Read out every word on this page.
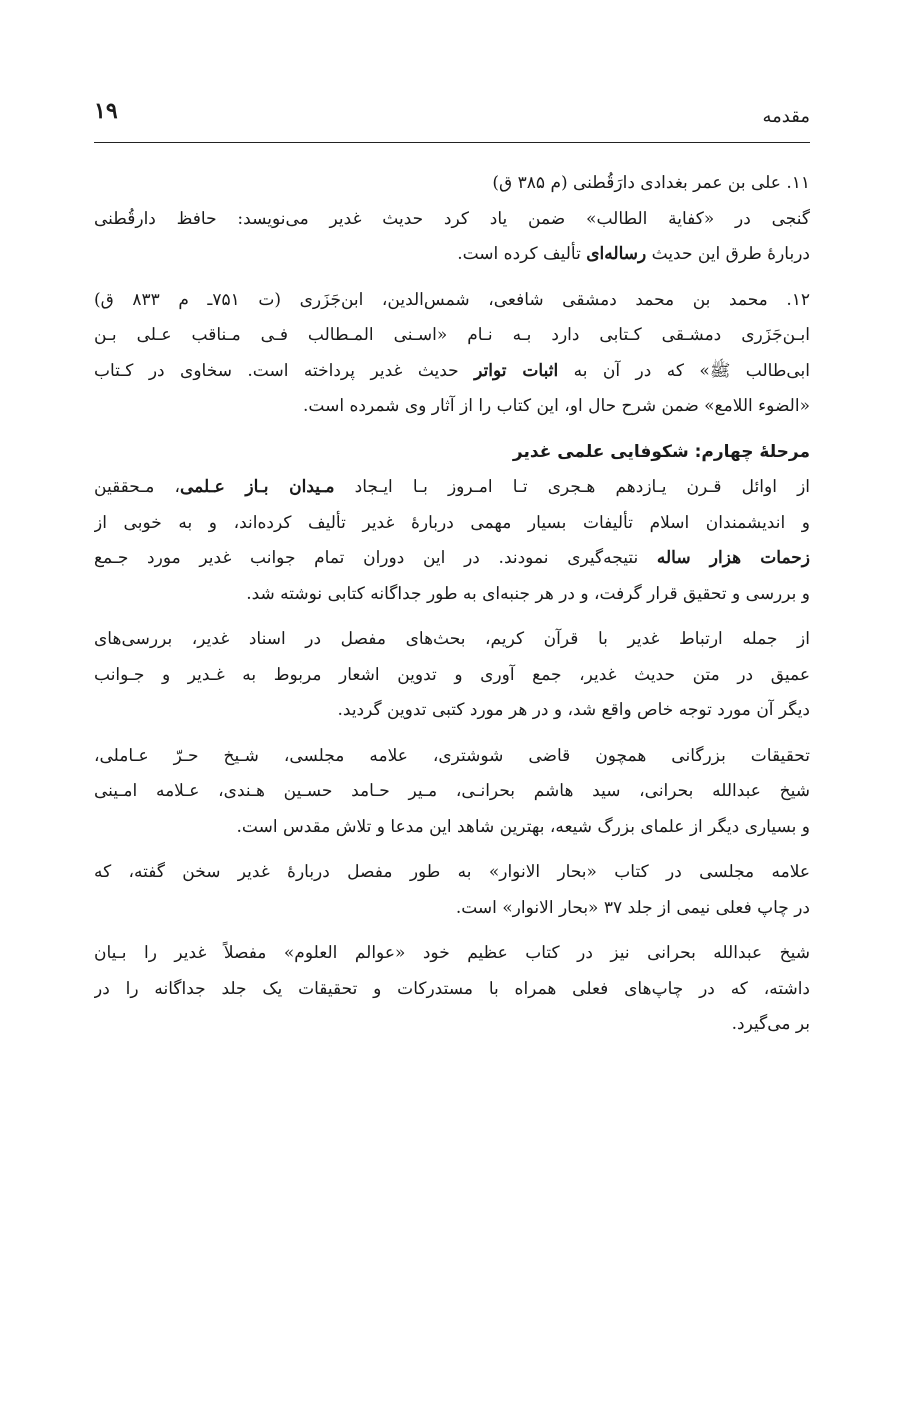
مقدمه
۱۹
۱۱. علی بن عمر بغدادی دارَقُطنی (م ۳۸۵ ق)
گنجی در «کفایة الطالب» ضمن یاد کرد حدیث غدیر می‌نویسد: حافظ دارقُطنی
دربارۀ طرق این حدیث رساله‌ای تألیف کرده است.
۱۲. محمد بن محمد دمشقی شافعی، شمس‌الدین، ابن‌جَزَری (ت ۷۵۱ـ م ۸۳۳ ق)
ابـن‌جَزَری دمشـقی کـتابی دارد بـه نـام «اسـنی المـطالب فـی مـناقب عـلی بـن
ابی‌طالب ﷺ» که در آن به اثبات تواتر حدیث غدیر پرداخته است. سخاوی در کـتاب
«الضوء اللامع» ضمن شرح حال او، این کتاب را از آثار وی شمرده است.
مرحلۀ چهارم: شکوفایی علمی غدیر
از اوائل قـرن یـازدهم هـجری تـا امـروز بـا ایـجاد مـیدان بـاز عـلمی، مـحققین
و اندیشمندان اسلام تألیفات بسیار مهمی دربارۀ غدیر تألیف کرده‌اند، و به خوبی از
زحمات هزار ساله نتیجه‌گیری نمودند. در این دوران تمام جوانب غدیر مورد جـمع
و بررسی و تحقیق قرار گرفت، و در هر جنبه‌ای به طور جداگانه کتابی نوشته شد.
از جمله ارتباط غدیر با قرآن کریم، بحث‌های مفصل در اسناد غدیر، بررسی‌های
عمیق در متن حدیث غدیر، جمع آوری و تدوین اشعار مربوط به غـدیر و جـوانب
دیگر آن مورد توجه خاص واقع شد، و در هر مورد کتبی تدوین گردید.
تحقیقات بزرگانی همچون قاضی شوشتری، علامه مجلسی، شـیخ حـرّ عـاملی،
شیخ عبدالله بحرانی، سید هاشم بحرانـی، مـیر حـامد حسـین هـندی، عـلامه امـینی
و بسیاری دیگر از علمای بزرگ شیعه، بهترین شاهد این مدعا و تلاش مقدس است.
علامه مجلسی در کتاب «بحار الانوار» به طور مفصل دربارۀ غدیر سخن گفته، که
در چاپ فعلی نیمی از جلد ۳۷ «بحار الانوار» است.
شیخ عبدالله بحرانی نیز در کتاب عظیم خود «عوالم العلوم» مفصلاً غدیر را بـیان
داشته، که در چاپ‌های فعلی همراه با مستدرکات و تحقیقات یک جلد جداگانه را در
بر می‌گیرد.
